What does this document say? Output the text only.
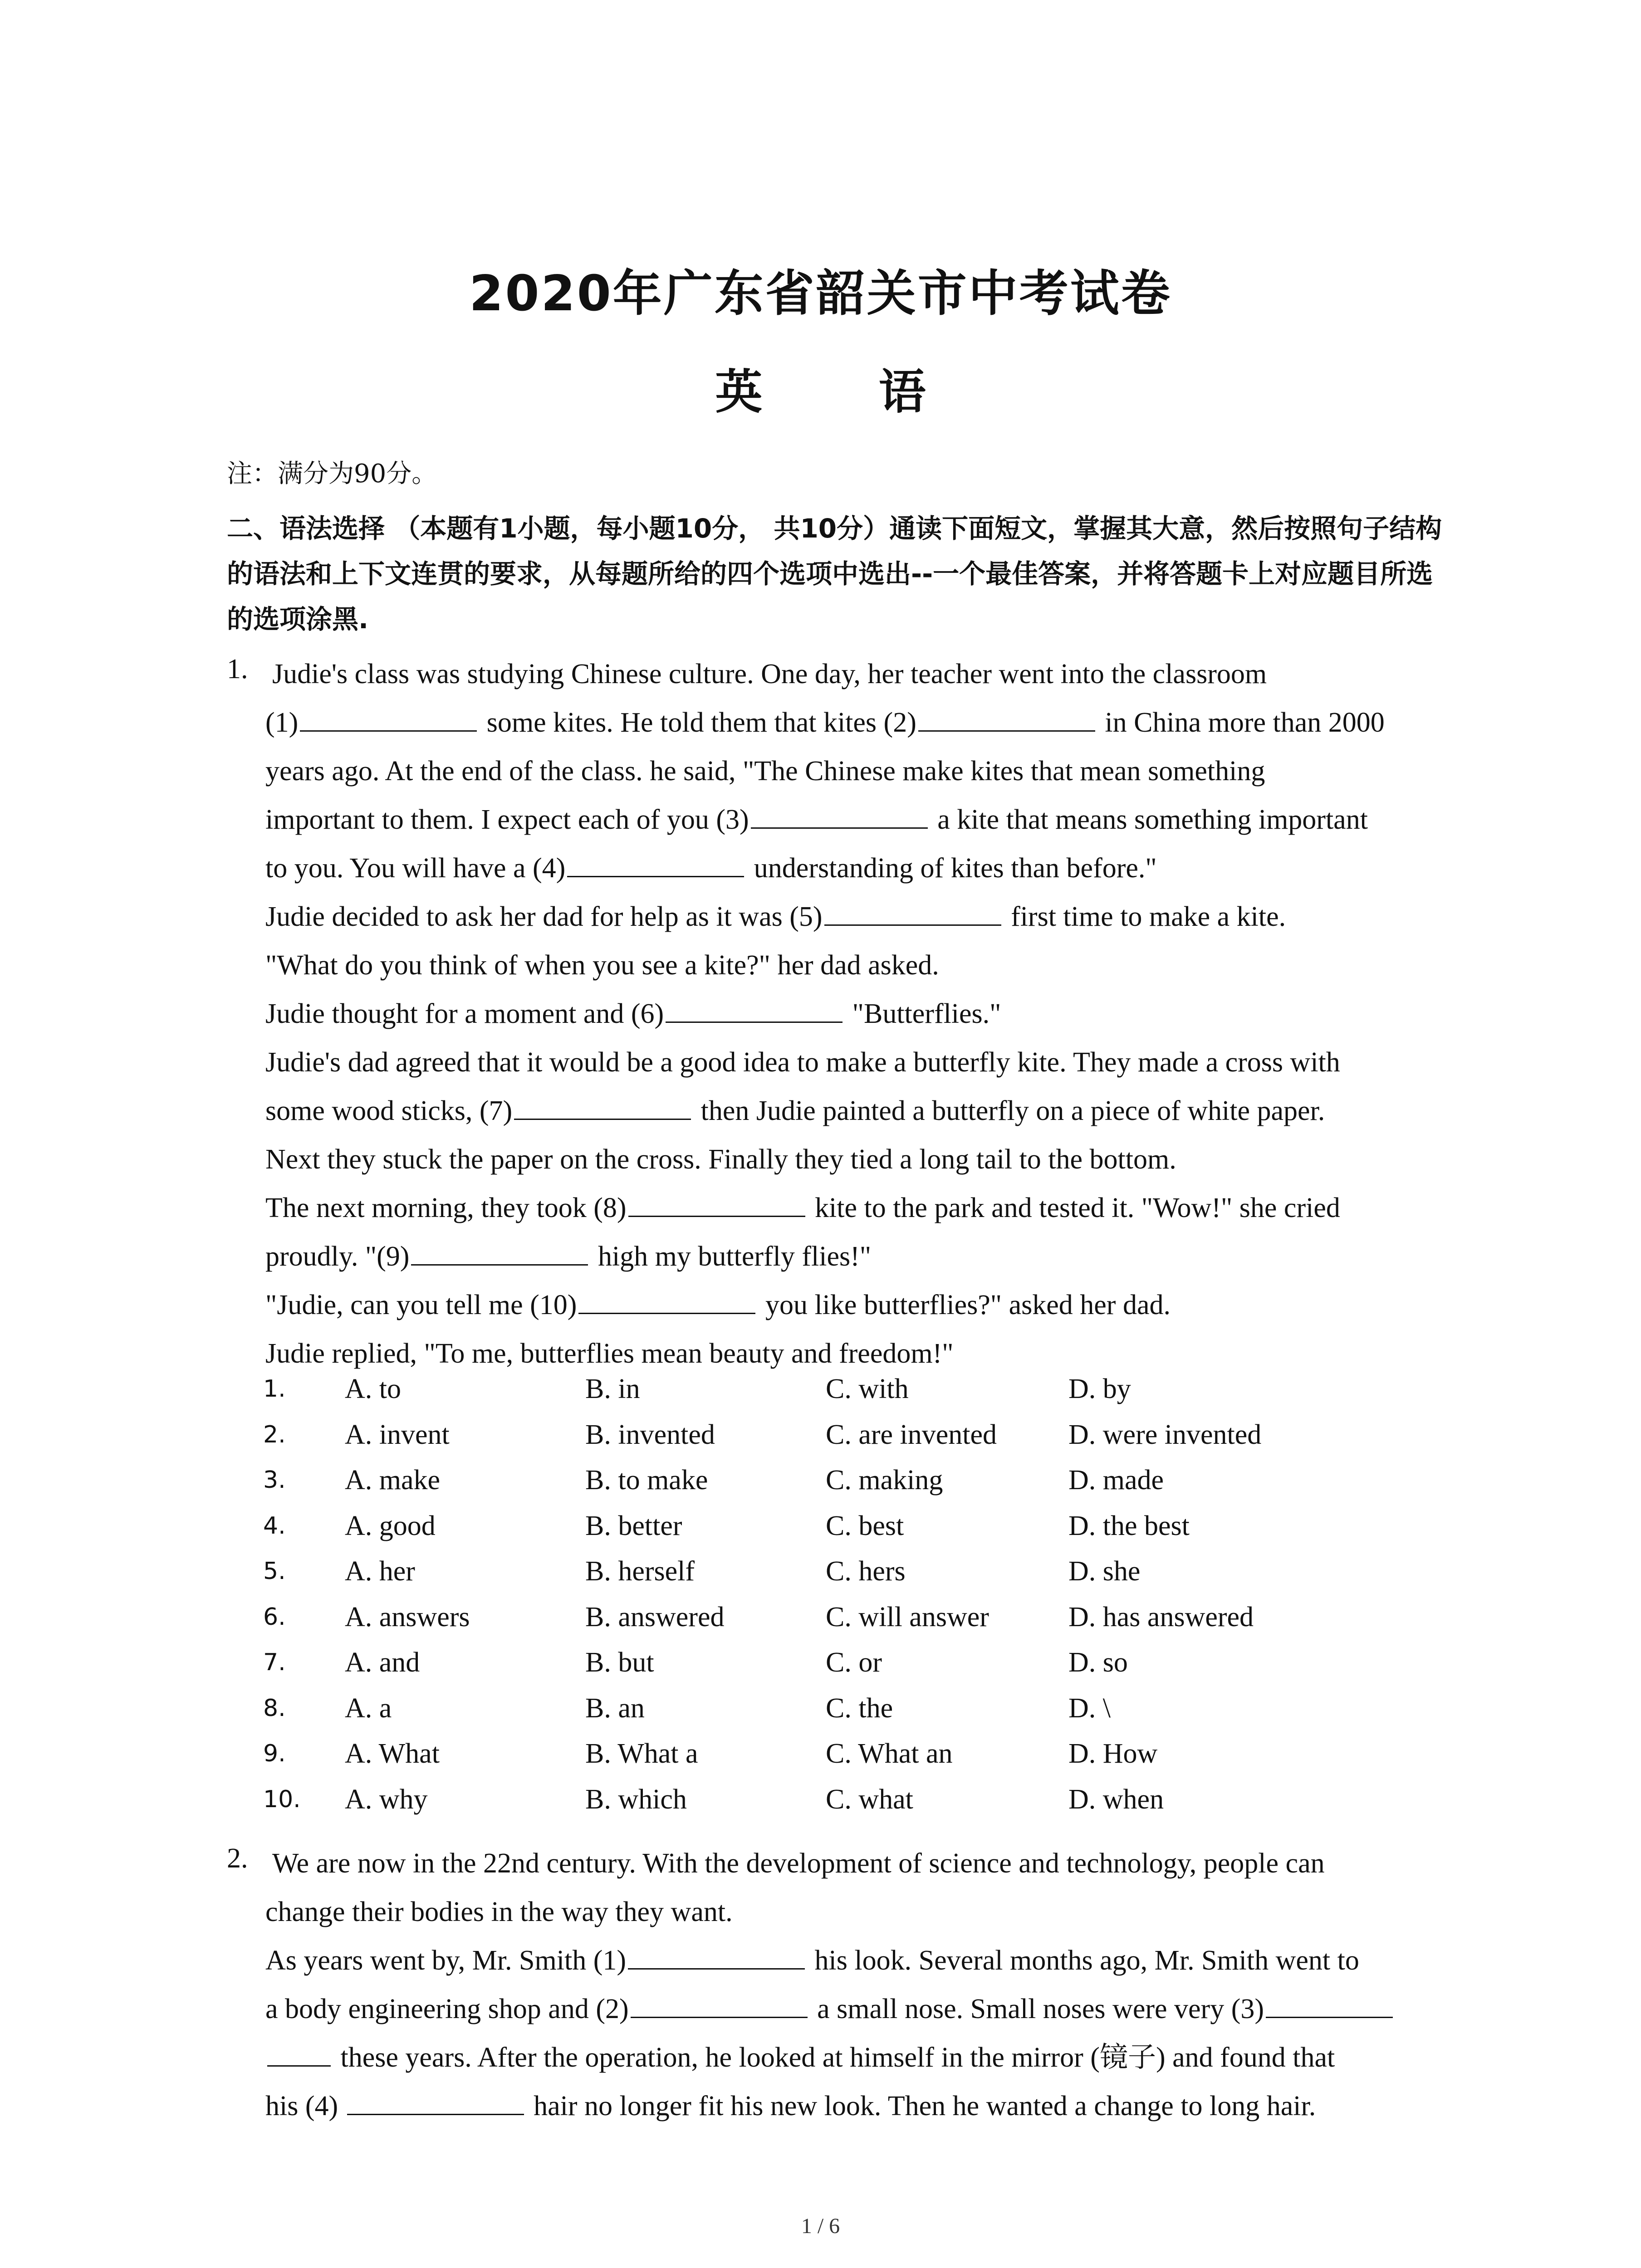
2020年广东省韶关市中考试卷
英 语
注：满分为90分。
二、语法选择 （本题有1小题，每小题10分， 共10分）通读下面短文，掌握其大意，然后按照句子结构的语法和上下文连贯的要求，从每题所给的四个选项中选出--一个最佳答案，并将答题卡上对应题目所选的选项涂黑.
1. Judie's class was studying Chinese culture. One day, her teacher went into the classroom
(1)	some kites. He told them that kites (2)	in China more than 2000
years ago. At the end of the class. he said, "The Chinese make kites that mean something
important to them. I expect each of you (3)	a kite that means something important
to you. You will have a (4)	understanding of kites than before."
Judie decided to ask her dad for help as it was (5)	first time to make a kite.
"What do you think of when you see a kite?" her dad asked.
Judie thought for a moment and (6)	"Butterflies."
Judie's dad agreed that it would be a good idea to make a butterfly kite. They made a cross with
some wood sticks, (7)	then Judie painted a butterfly on a piece of white paper.
Next they stuck the paper on the cross. Finally they tied a long tail to the bottom.
The next morning, they took (8)	kite to the park and tested it. "Wow!" she cried
proudly. "(9)	high my butterfly flies!"
"Judie, can you tell me (10)	you like butterflies?" asked her dad.
Judie replied, "To me, butterflies mean beauty and freedom!"
1. A. to	B. in	C. with	D. by
2. A. invent	B. invented	C. are invented	D. were invented
3. A. make	B. to make	C. making	D. made
4. A. good	B. better	C. best	D. the best
5. A. her	B. herself	C. hers	D. she
6. A. answers	B. answered	C. will answer	D. has answered
7. A. and	B. but	C. or	D. so
8. A. a	B. an	C. the	D. \
9. A. What	B. What a	C. What an	D. How
10. A. why	B. which	C. what	D. when
2. We are now in the 22nd century. With the development of science and technology, people can
change their bodies in the way they want.
As years went by, Mr. Smith (1)	his look. Several months ago, Mr. Smith went to
a body engineering shop and (2)	a small nose. Small noses were very (3)
these years. After the operation, he looked at himself in the mirror (镜子) and found that
his (4)	hair no longer fit his new look. Then he wanted a change to long hair.
1 / 6
